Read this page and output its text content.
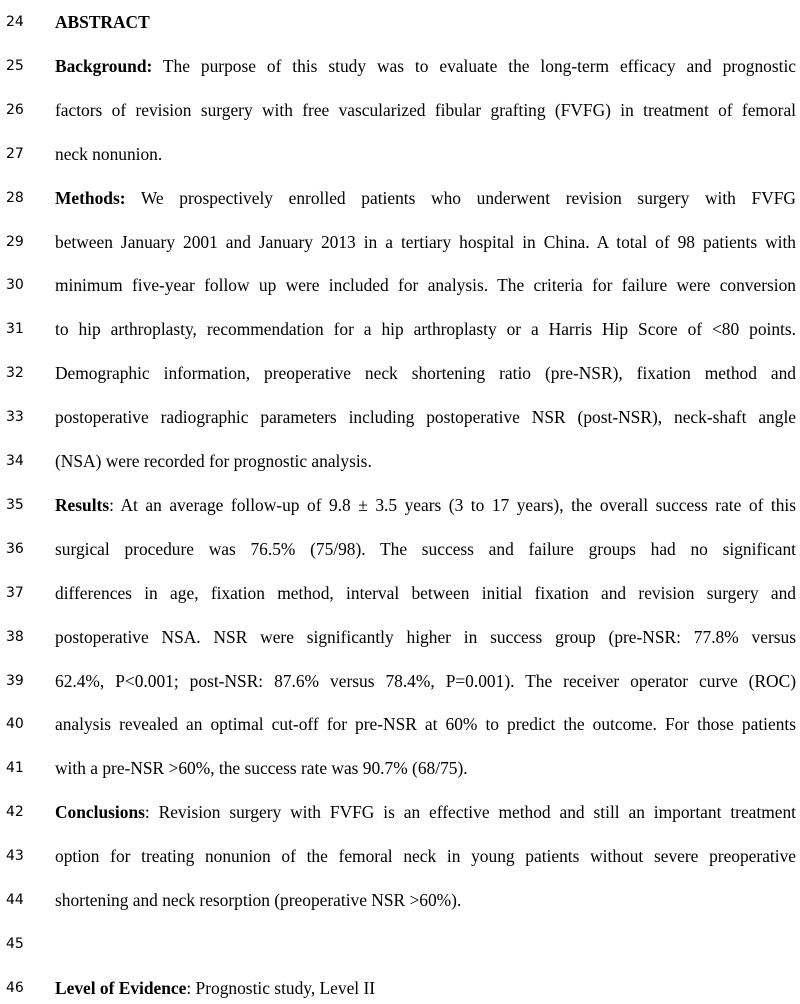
24	ABSTRACT
25	Background: The purpose of this study was to evaluate the long-term efficacy and prognostic
26	factors of revision surgery with free vascularized fibular grafting (FVFG) in treatment of femoral
27	neck nonunion.
28	Methods: We prospectively enrolled patients who underwent revision surgery with FVFG
29	between January 2001 and January 2013 in a tertiary hospital in China. A total of 98 patients with
30	minimum five-year follow up were included for analysis. The criteria for failure were conversion
31	to hip arthroplasty, recommendation for a hip arthroplasty or a Harris Hip Score of <80 points.
32	Demographic information, preoperative neck shortening ratio (pre-NSR), fixation method and
33	postoperative radiographic parameters including postoperative NSR (post-NSR), neck-shaft angle
34	(NSA) were recorded for prognostic analysis.
35	Results: At an average follow-up of 9.8 ± 3.5 years (3 to 17 years), the overall success rate of this
36	surgical procedure was 76.5% (75/98). The success and failure groups had no significant
37	differences in age, fixation method, interval between initial fixation and revision surgery and
38	postoperative NSA. NSR were significantly higher in success group (pre-NSR: 77.8% versus
39	62.4%, P<0.001; post-NSR: 87.6% versus 78.4%, P=0.001). The receiver operator curve (ROC)
40	analysis revealed an optimal cut-off for pre-NSR at 60% to predict the outcome. For those patients
41	with a pre-NSR >60%, the success rate was 90.7% (68/75).
42	Conclusions: Revision surgery with FVFG is an effective method and still an important treatment
43	option for treating nonunion of the femoral neck in young patients without severe preoperative
44	shortening and neck resorption (preoperative NSR >60%).
45
46	Level of Evidence: Prognostic study, Level II
